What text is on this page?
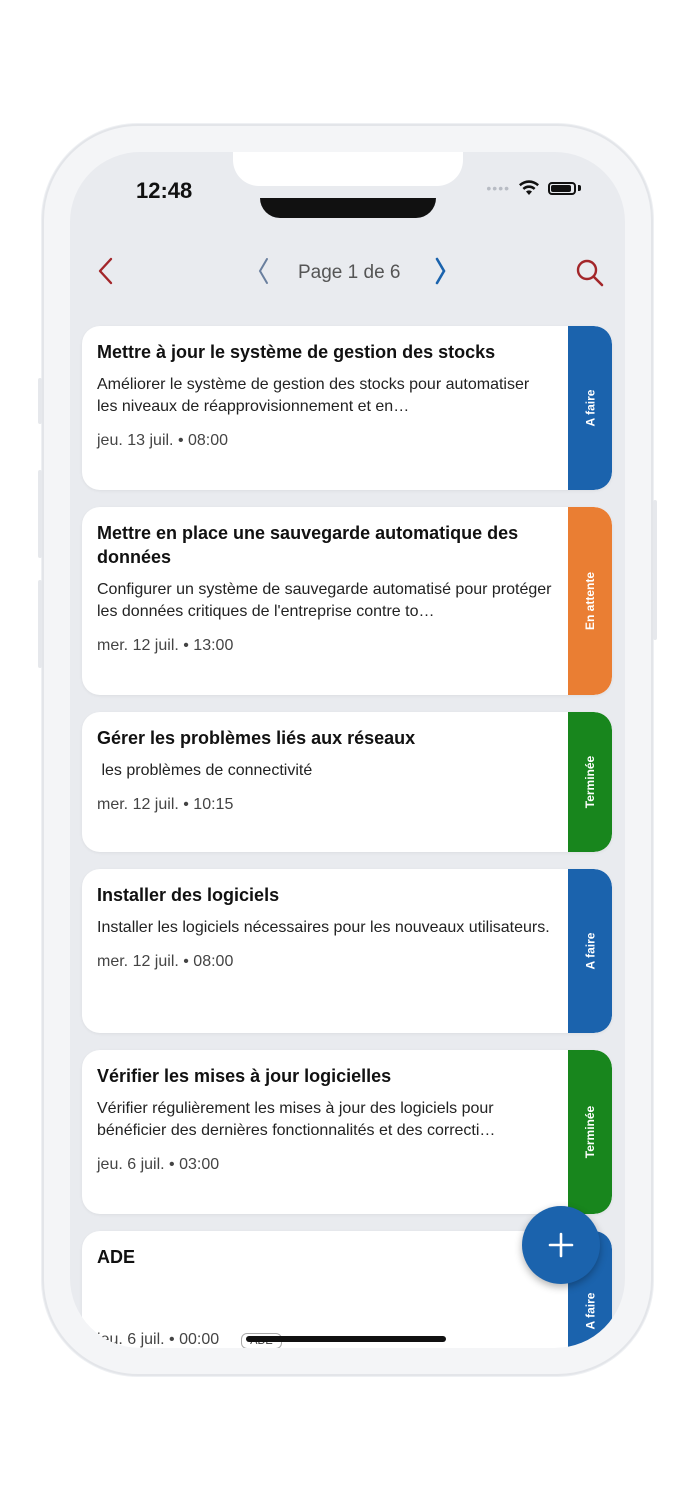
12:48	••••
Page 1 de 6
Mettre à jour le système de gestion des stocks
Améliorer le système de gestion des stocks pour automatiser les niveaux de réapprovisionnement et en…
jeu. 13 juil. • 08:00
A faire
Mettre en place une sauvegarde automatique des données
Configurer un système de sauvegarde automatisé pour protéger les données critiques de l'entreprise contre to…
mer. 12 juil. • 13:00
En attente
Gérer les problèmes liés aux réseaux
les problèmes de connectivité
mer. 12 juil. • 10:15	Terminée
Installer des logiciels
Installer les logiciels nécessaires pour les nouveaux utilisateurs.
mer. 12 juil. • 08:00	A faire
Vérifier les mises à jour logicielles
Vérifier régulièrement les mises à jour des logiciels pour bénéficier des dernières fonctionnalités et des correcti…
jeu. 6 juil. • 03:00
Terminée
ADE
jeu. 6 juil. • 00:00
A faire
